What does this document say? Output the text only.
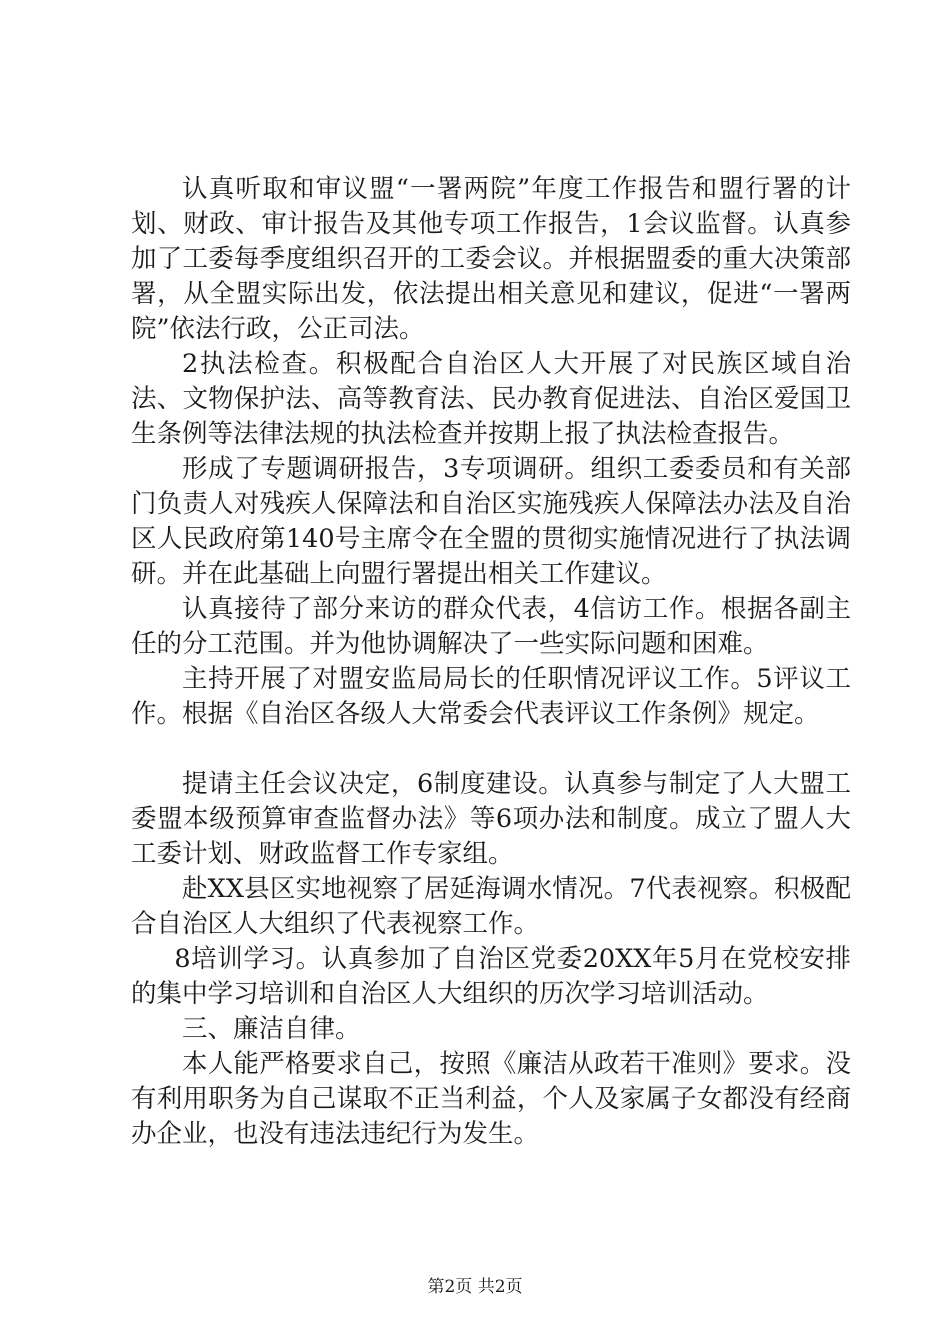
认真听取和审议盟“一署两院”年度工作报告和盟行署的计划、财政、审计报告及其他专项工作报告，1会议监督。认真参加了工委每季度组织召开的工委会议。并根据盟委的重大决策部署，从全盟实际出发，依法提出相关意见和建议，促进“一署两院”依法行政，公正司法。

2执法检查。积极配合自治区人大开展了对民族区域自治法、文物保护法、高等教育法、民办教育促进法、自治区爱国卫生条例等法律法规的执法检查并按期上报了执法检查报告。

形成了专题调研报告，3专项调研。组织工委委员和有关部门负责人对残疾人保障法和自治区实施残疾人保障法办法及自治区人民政府第140号主席令在全盟的贯彻实施情况进行了执法调研。并在此基础上向盟行署提出相关工作建议。

认真接待了部分来访的群众代表，4信访工作。根据各副主任的分工范围。并为他协调解决了一些实际问题和困难。

主持开展了对盟安监局局长的任职情况评议工作。5评议工作。根据《自治区各级人大常委会代表评议工作条例》规定。

提请主任会议决定，6制度建设。认真参与制定了人大盟工委盟本级预算审查监督办法》等6项办法和制度。成立了盟人大工委计划、财政监督工作专家组。

赴XX县区实地视察了居延海调水情况。7代表视察。积极配合自治区人大组织了代表视察工作。

8培训学习。认真参加了自治区党委20XX年5月在党校安排的集中学习培训和自治区人大组织的历次学习培训活动。

三、廉洁自律。

本人能严格要求自己，按照《廉洁从政若干准则》要求。没有利用职务为自己谋取不正当利益，个人及家属子女都没有经商办企业，也没有违法违纪行为发生。

第2页 共2页
